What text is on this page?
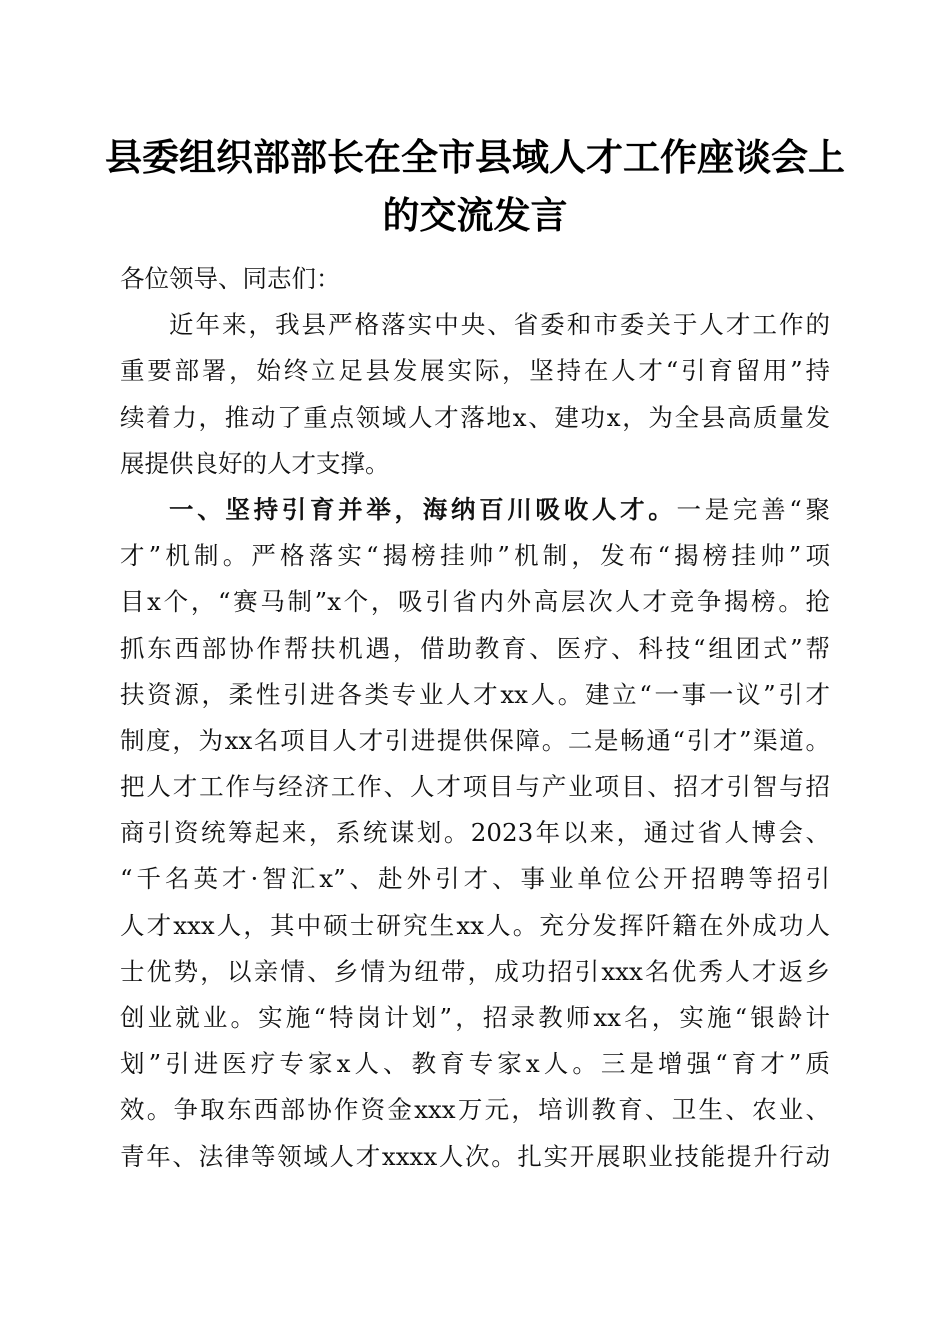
县委组织部部长在全市县域人才工作座谈会上
的交流发言
各位领导、同志们：
近年来，我县严格落实中央、省委和市委关于人才工作的
重要部署，始终立足县发展实际，坚持在人才“引育留用”持
续着力，推动了重点领域人才落地x、建功x，为全县高质量发
展提供良好的人才支撑。
一、坚持引育并举，海纳百川吸收人才。一是完善“聚
才”机制。严格落实“揭榜挂帅”机制，发布“揭榜挂帅”项
目x个，“赛马制”x个，吸引省内外高层次人才竞争揭榜。抢
抓东西部协作帮扶机遇，借助教育、医疗、科技“组团式”帮
扶资源，柔性引进各类专业人才xx人。建立“一事一议”引才
制度，为xx名项目人才引进提供保障。二是畅通“引才”渠道。
把人才工作与经济工作、人才项目与产业项目、招才引智与招
商引资统筹起来，系统谋划。2023年以来，通过省人博会、
“千名英才·智汇x”、赴外引才、事业单位公开招聘等招引
人才xxx人，其中硕士研究生xx人。充分发挥阡籍在外成功人
士优势，以亲情、乡情为纽带，成功招引xxx名优秀人才返乡
创业就业。实施“特岗计划”，招录教师xx名，实施“银龄计
划”引进医疗专家x人、教育专家x人。三是增强“育才”质
效。争取东西部协作资金xxx万元，培训教育、卫生、农业、
青年、法律等领域人才xxxx人次。扎实开展职业技能提升行动
